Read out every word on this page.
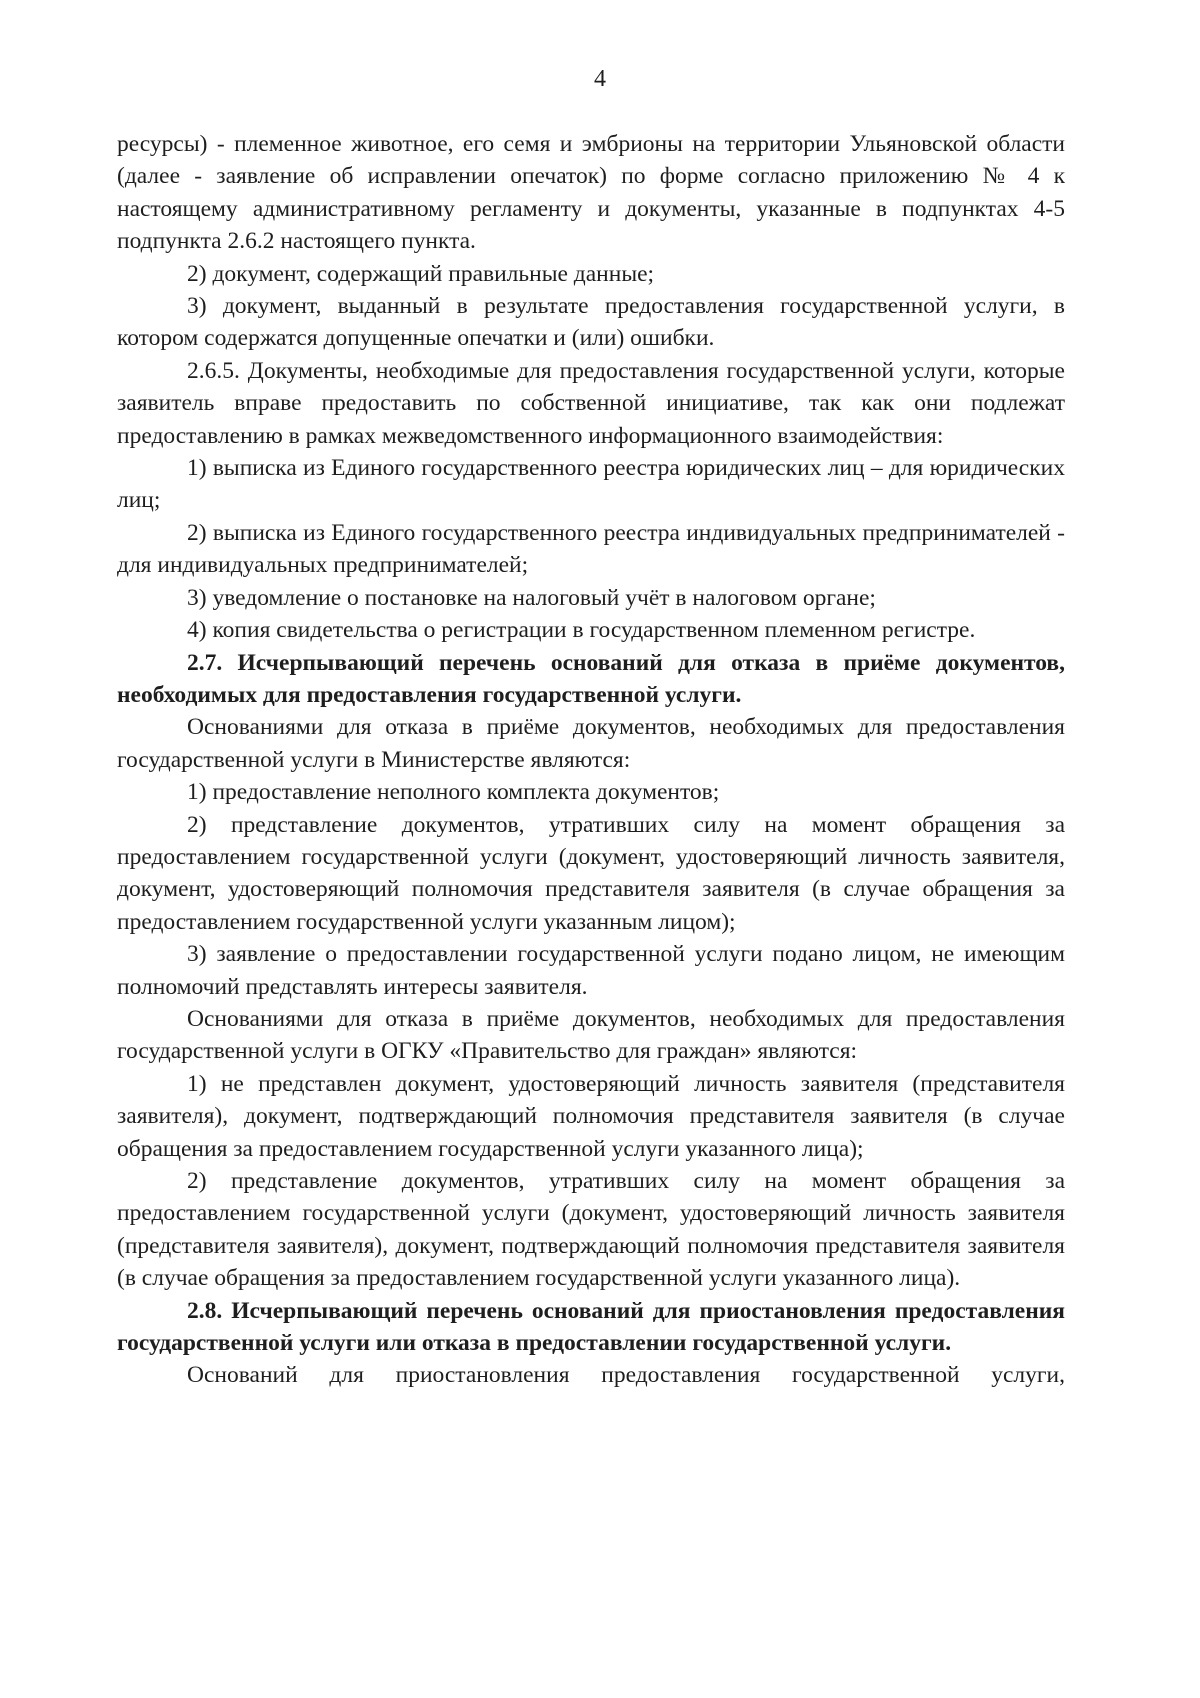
4

ресурсы) - племенное животное, его семя и эмбрионы на территории Ульяновской области (далее - заявление об исправлении опечаток) по форме согласно приложению № 4 к настоящему административному регламенту и документы, указанные в подпунктах 4-5 подпункта 2.6.2 настоящего пункта.

2) документ, содержащий правильные данные;

3) документ, выданный в результате предоставления государственной услуги, в котором содержатся допущенные опечатки и (или) ошибки.

2.6.5. Документы, необходимые для предоставления государственной услуги, которые заявитель вправе предоставить по собственной инициативе, так как они подлежат предоставлению в рамках межведомственного информационного взаимодействия:

1) выписка из Единого государственного реестра юридических лиц – для юридических лиц;

2) выписка из Единого государственного реестра индивидуальных предпринимателей - для индивидуальных предпринимателей;

3) уведомление о постановке на налоговый учёт в налоговом органе;

4) копия свидетельства о регистрации в государственном племенном регистре.

2.7. Исчерпывающий перечень оснований для отказа в приёме документов, необходимых для предоставления государственной услуги.

Основаниями для отказа в приёме документов, необходимых для предоставления государственной услуги в Министерстве являются:

1) предоставление неполного комплекта документов;

2) представление документов, утративших силу на момент обращения за предоставлением государственной услуги (документ, удостоверяющий личность заявителя, документ, удостоверяющий полномочия представителя заявителя (в случае обращения за предоставлением государственной услуги указанным лицом);

3) заявление о предоставлении государственной услуги подано лицом, не имеющим полномочий представлять интересы заявителя.

Основаниями для отказа в приёме документов, необходимых для предоставления государственной услуги в ОГКУ «Правительство для граждан» являются:

1) не представлен документ, удостоверяющий личность заявителя (представителя заявителя), документ, подтверждающий полномочия представителя заявителя (в случае обращения за предоставлением государственной услуги указанного лица);

2) представление документов, утративших силу на момент обращения за предоставлением государственной услуги (документ, удостоверяющий личность заявителя (представителя заявителя), документ, подтверждающий полномочия представителя заявителя (в случае обращения за предоставлением государственной услуги указанного лица).

2.8. Исчерпывающий перечень оснований для приостановления предоставления государственной услуги или отказа в предоставлении государственной услуги.

Оснований для приостановления предоставления государственной услуги,
